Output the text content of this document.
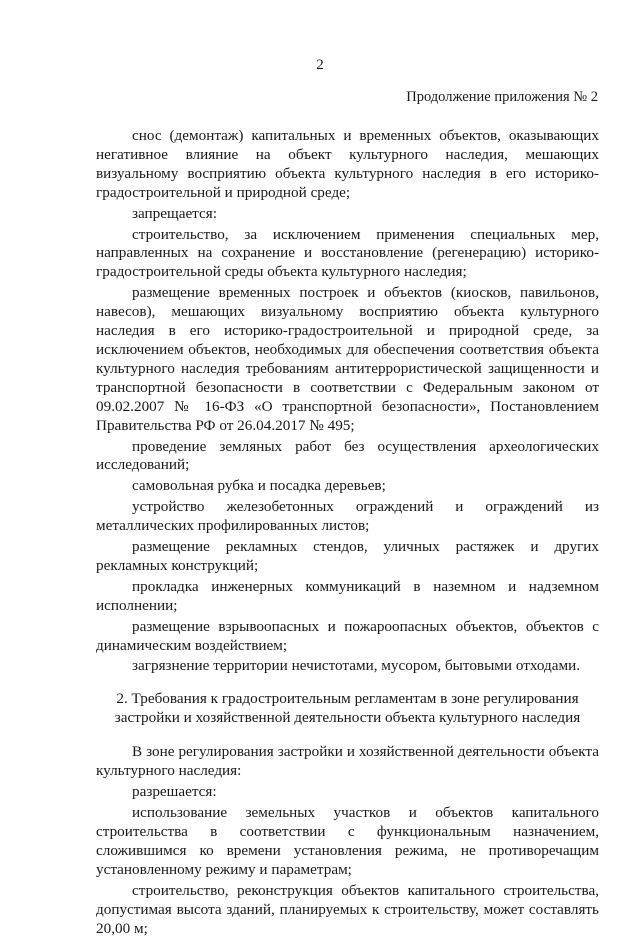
2
Продолжение приложения № 2

снос (демонтаж) капитальных и временных объектов, оказывающих негативное влияние на объект культурного наследия, мешающих визуальному восприятию объекта культурного наследия в его историко-градостроительной и природной среде;

запрещается:

строительство, за исключением применения специальных мер, направленных на сохранение и восстановление (регенерацию) историко-градостроительной среды объекта культурного наследия;

размещение временных построек и объектов (киосков, павильонов, навесов), мешающих визуальному восприятию объекта культурного наследия в его историко-градостроительной и природной среде, за исключением объектов, необходимых для обеспечения соответствия объекта культурного наследия требованиям антитеррористической защищенности и транспортной безопасности в соответствии с Федеральным законом от 09.02.2007 № 16-ФЗ «О транспортной безопасности», Постановлением Правительства РФ от 26.04.2017 № 495;

проведение земляных работ без осуществления археологических исследований;

самовольная рубка и посадка деревьев;

устройство железобетонных ограждений и ограждений из металлических профилированных листов;

размещение рекламных стендов, уличных растяжек и других рекламных конструкций;

прокладка инженерных коммуникаций в наземном и надземном исполнении;

размещение взрывоопасных и пожароопасных объектов, объектов с динамическим воздействием;

загрязнение территории нечистотами, мусором, бытовыми отходами.

2. Требования к градостроительным регламентам в зоне регулирования застройки и хозяйственной деятельности объекта культурного наследия

В зоне регулирования застройки и хозяйственной деятельности объекта культурного наследия:

разрешается:

использование земельных участков и объектов капитального строительства в соответствии с функциональным назначением, сложившимся ко времени установления режима, не противоречащим установленному режиму и параметрам;

строительство, реконструкция объектов капитального строительства, допустимая высота зданий, планируемых к строительству, может составлять 20,00 м;
